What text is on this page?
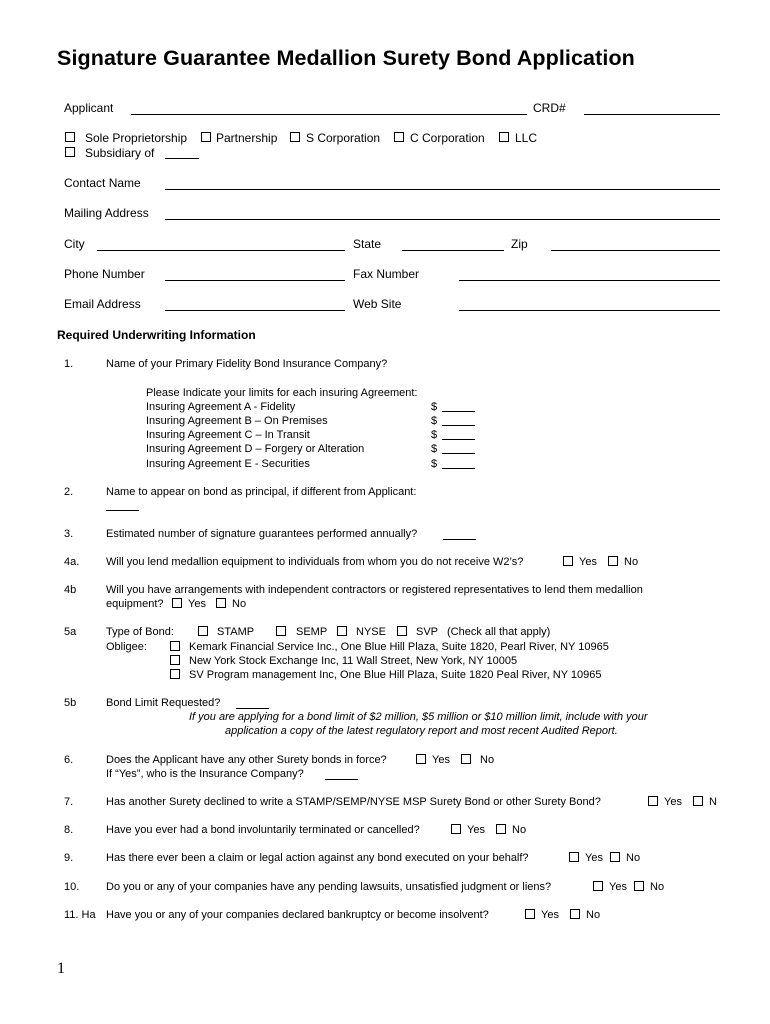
Signature Guarantee Medallion Surety Bond Application
Applicant	CRD#
Sole Proprietorship Partnership S Corporation C Corporation	LLC
Subsidiary of
Contact Name
Mailing Address
City	State	Zip
Phone Number	Fax Number
Email Address	Web Site
Required Underwriting Information
1.	Name of your Primary Fidelity Bond Insurance Company?
Please Indicate your limits for each insuring Agreement:
Insuring Agreement A - Fidelity	$
Insuring Agreement B – On Premises	$
Insuring Agreement C – In Transit	$
Insuring Agreement D – Forgery or Alteration	$
Insuring Agreement E - Securities	$
2.	Name to appear on bond as principal, if different from Applicant:
3.	Estimated number of signature guarantees performed annually?
4a. Will you lend medallion equipment to individuals from whom you do not receive W2’s?	Yes No
4b	Will you have arrangements with independent contractors or registered representatives to lend them medallion
equipment? Yes No
5a	Type of Bond:	STAMP	SEMP	NYSE	SVP (Check all that apply)
Obligee:	Kemark Financial Service Inc., One Blue Hill Plaza, Suite 1820, Pearl River, NY 10965
New York Stock Exchange Inc, 11 Wall Street, New York, NY 10005
SV Program management Inc, One Blue Hill Plaza, Suite 1820 Peal River, NY 10965
5b	Bond Limit Requested?
If you are applying for a bond limit of $2 million, $5 million or $10 million limit, include with your
application a copy of the latest regulatory report and most recent Audited Report.
6.	Does the Applicant have any other Surety bonds in force?	Yes	No
If “Yes”, who is the Insurance Company?
7.	Has another Surety declined to write a STAMP/SEMP/NYSE MSP Surety Bond or other Surety Bond?	Yes N
8.	Have you ever had a bond involuntarily terminated or cancelled?	Yes No
9.	Has there ever been a claim or legal action against any bond executed on your behalf?	Yes No
10. Do you or any of your companies have any pending lawsuits, unsatisfied judgment or liens?	Yes No
11. Ha Have you or any of your companies declared bankruptcy or become insolvent?	Yes No
1
